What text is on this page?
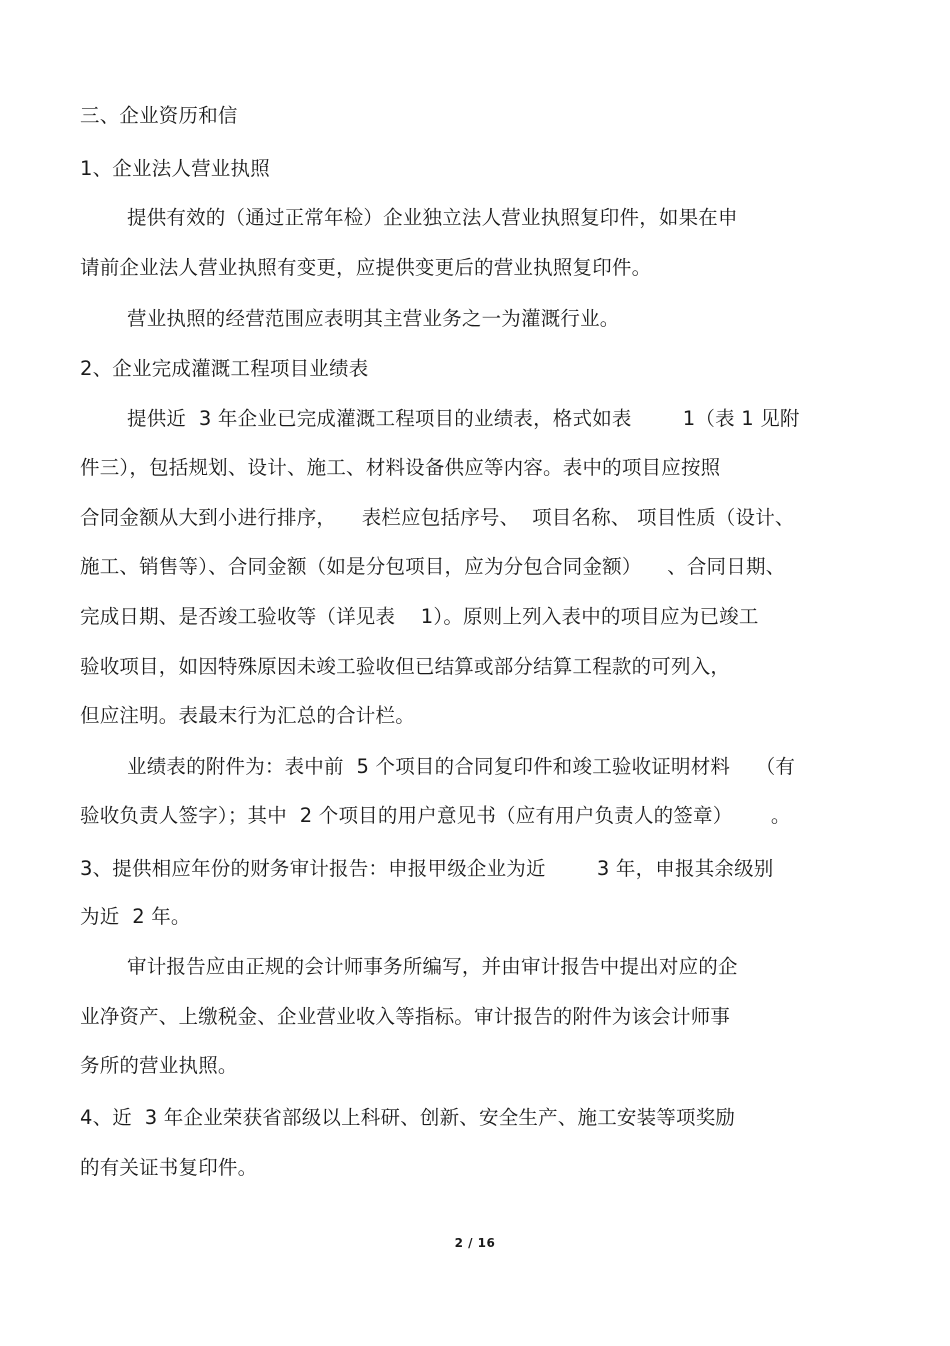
三、企业资历和信
1、企业法人营业执照
提供有效的（通过正常年检）企业独立法人营业执照复印件，如果在申
请前企业法人营业执照有变更，应提供变更后的营业执照复印件。
营业执照的经营范围应表明其主营业务之一为灌溉行业。
2、企业完成灌溉工程项目业绩表
提供近  3 年企业已完成灌溉工程项目的业绩表，格式如表        1（表 1 见附
件三），包括规划、设计、施工、材料设备供应等内容。表中的项目应按照
合同金额从大到小进行排序，    表栏应包括序号、  项目名称、 项目性质（设计、
施工、销售等）、合同金额（如是分包项目，应为分包合同金额）    、合同日期、
完成日期、是否竣工验收等（详见表    1）。原则上列入表中的项目应为已竣工
验收项目，如因特殊原因未竣工验收但已结算或部分结算工程款的可列入，
但应注明。表最末行为汇总的合计栏。
业绩表的附件为：表中前  5 个项目的合同复印件和竣工验收证明材料    （有
验收负责人签字）；其中  2 个项目的用户意见书（应有用户负责人的签章）      。
3、提供相应年份的财务审计报告：申报甲级企业为近        3 年，申报其余级别
为近  2 年。
审计报告应由正规的会计师事务所编写，并由审计报告中提出对应的企
业净资产、上缴税金、企业营业收入等指标。审计报告的附件为该会计师事
务所的营业执照。
4、近  3 年企业荣获省部级以上科研、创新、安全生产、施工安装等项奖励
的有关证书复印件。
2 / 16
